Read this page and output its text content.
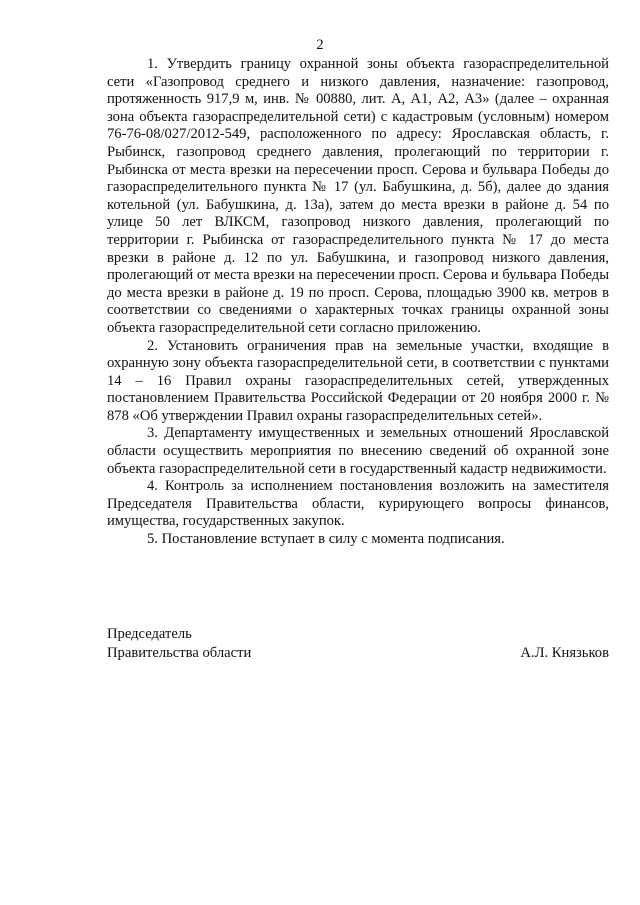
2

1. Утвердить границу охранной зоны объекта газораспределительной сети «Газопровод среднего и низкого давления, назначение: газопровод, протяженность 917,9 м, инв. № 00880, лит. А, А1, А2, А3» (далее – охранная зона объекта газораспределительной сети) с кадастровым (условным) номером 76-76-08/027/2012-549, расположенного по адресу: Ярославская область, г. Рыбинск, газопровод среднего давления, пролегающий по территории г. Рыбинска от места врезки на пересечении просп. Серова и бульвара Победы до газораспределительного пункта № 17 (ул. Бабушкина, д. 5б), далее до здания котельной (ул. Бабушкина, д. 13а), затем до места врезки в районе д. 54 по улице 50 лет ВЛКСМ, газопровод низкого давления, пролегающий по территории г. Рыбинска от газораспределительного пункта № 17 до места врезки в районе д. 12 по ул. Бабушкина, и газопровод низкого давления, пролегающий от места врезки на пересечении просп. Серова и бульвара Победы до места врезки в районе д. 19 по просп. Серова, площадью 3900 кв. метров в соответствии со сведениями о характерных точках границы охранной зоны объекта газораспределительной сети согласно приложению.

2. Установить ограничения прав на земельные участки, входящие в охранную зону объекта газораспределительной сети, в соответствии с пунктами 14 – 16 Правил охраны газораспределительных сетей, утвержденных постановлением Правительства Российской Федерации от 20 ноября 2000 г. № 878 «Об утверждении Правил охраны газораспределительных сетей».

3. Департаменту имущественных и земельных отношений Ярославской области осуществить мероприятия по внесению сведений об охранной зоне объекта газораспределительной сети в государственный кадастр недвижимости.

4. Контроль за исполнением постановления возложить на заместителя Председателя Правительства области, курирующего вопросы финансов, имущества, государственных закупок.

5. Постановление вступает в силу с момента подписания.

Председатель
Правительства области	А.Л. Князьков
